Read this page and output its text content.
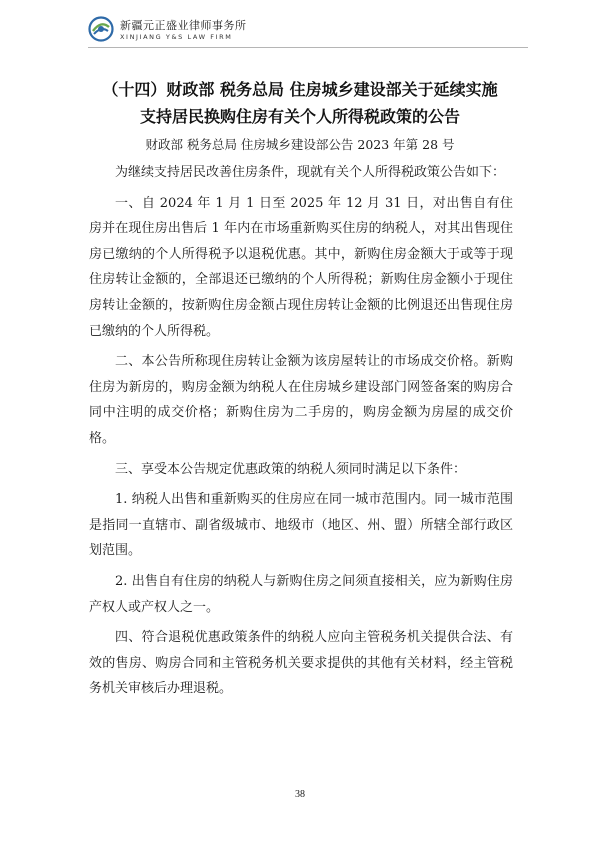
新疆元正盛业律师事务所
XINJIANG Y&S LAW FIRM
（十四）财政部 税务总局 住房城乡建设部关于延续实施
支持居民换购住房有关个人所得税政策的公告
财政部 税务总局 住房城乡建设部公告 2023 年第 28 号

为继续支持居民改善住房条件，现就有关个人所得税政策公告如下：

一、自 2024 年 1 月 1 日至 2025 年 12 月 31 日，对出售自有住房并在现住房出售后 1 年内在市场重新购买住房的纳税人，对其出售现住房已缴纳的个人所得税予以退税优惠。其中，新购住房金额大于或等于现住房转让金额的，全部退还已缴纳的个人所得税；新购住房金额小于现住房转让金额的，按新购住房金额占现住房转让金额的比例退还出售现住房已缴纳的个人所得税。

二、本公告所称现住房转让金额为该房屋转让的市场成交价格。新购住房为新房的，购房金额为纳税人在住房城乡建设部门网签备案的购房合同中注明的成交价格；新购住房为二手房的，购房金额为房屋的成交价格。

三、享受本公告规定优惠政策的纳税人须同时满足以下条件：

1. 纳税人出售和重新购买的住房应在同一城市范围内。同一城市范围是指同一直辖市、副省级城市、地级市（地区、州、盟）所辖全部行政区划范围。

2. 出售自有住房的纳税人与新购住房之间须直接相关，应为新购住房产权人或产权人之一。

四、符合退税优惠政策条件的纳税人应向主管税务机关提供合法、有效的售房、购房合同和主管税务机关要求提供的其他有关材料，经主管税务机关审核后办理退税。

38
